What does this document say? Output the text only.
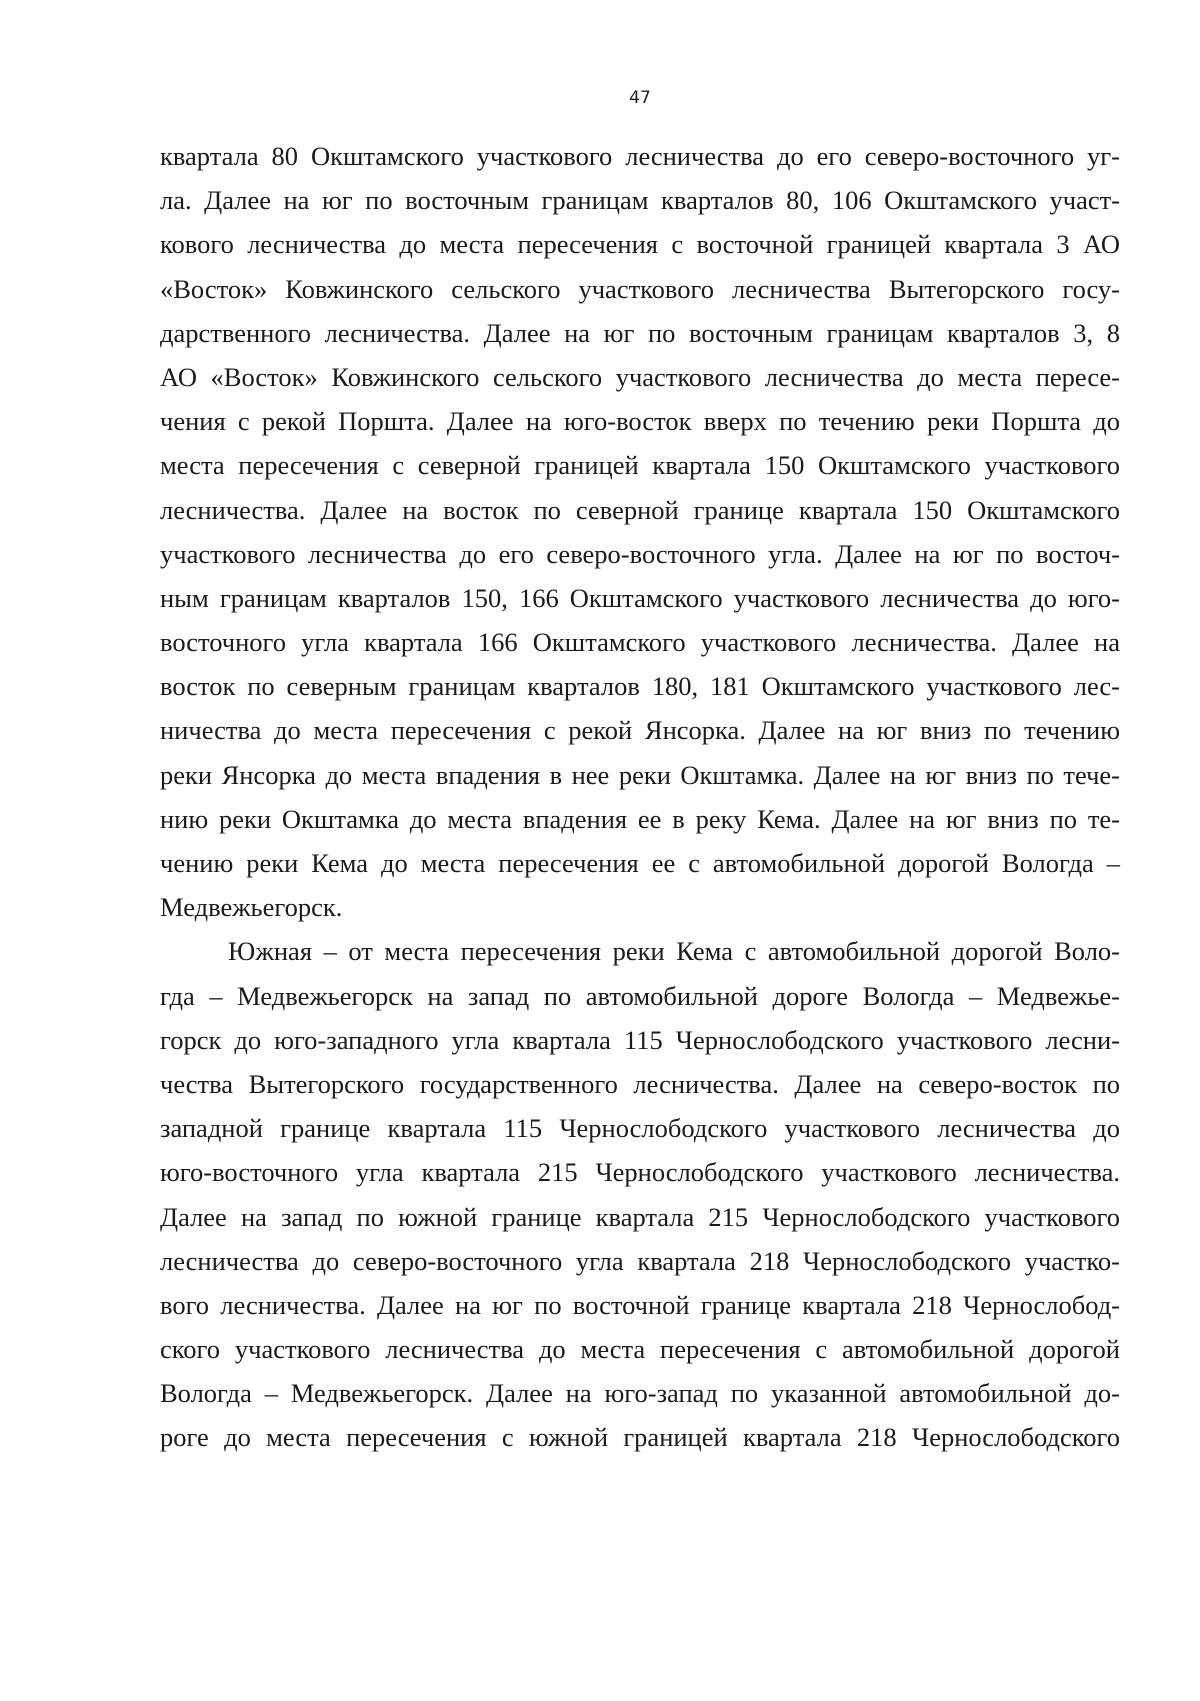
47

квартала 80 Окштамского участкового лесничества до его северо-восточного уг-
ла. Далее на юг по восточным границам кварталов 80, 106 Окштамского участ-
кового лесничества до места пересечения с восточной границей квартала 3 АО
«Восток» Ковжинского сельского участкового лесничества Вытегорского госу-
дарственного лесничества. Далее на юг по восточным границам кварталов 3, 8
АО «Восток» Ковжинского сельского участкового лесничества до места пересе-
чения с рекой Поршта. Далее на юго-восток вверх по течению реки Поршта до
места пересечения с северной границей квартала 150 Окштамского участкового
лесничества. Далее на восток по северной границе квартала 150 Окштамского
участкового лесничества до его северо-восточного угла. Далее на юг по восточ-
ным границам кварталов 150, 166 Окштамского участкового лесничества до юго-
восточного угла квартала 166 Окштамского участкового лесничества. Далее на
восток по северным границам кварталов 180, 181 Окштамского участкового лес-
ничества до места пересечения с рекой Янсорка. Далее на юг вниз по течению
реки Янсорка до места впадения в нее реки Окштамка. Далее на юг вниз по тече-
нию реки Окштамка до места впадения ее в реку Кема. Далее на юг вниз по те-
чению реки Кема до места пересечения ее с автомобильной дорогой Вологда –
Медвежьегорск.

Южная – от места пересечения реки Кема с автомобильной дорогой Воло-
гда – Медвежьегорск на запад по автомобильной дороге Вологда – Медвежье-
горск до юго-западного угла квартала 115 Чернослободского участкового лесни-
чества Вытегорского государственного лесничества. Далее на северо-восток по
западной границе квартала 115 Чернослободского участкового лесничества до
юго-восточного угла квартала 215 Чернослободского участкового лесничества.
Далее на запад по южной границе квартала 215 Чернослободского участкового
лесничества до северо-восточного угла квартала 218 Чернослободского участко-
вого лесничества. Далее на юг по восточной границе квартала 218 Чернослобод-
ского участкового лесничества до места пересечения с автомобильной дорогой
Вологда – Медвежьегорск. Далее на юго-запад по указанной автомобильной до-
роге до места пересечения с южной границей квартала 218 Чернослободского
